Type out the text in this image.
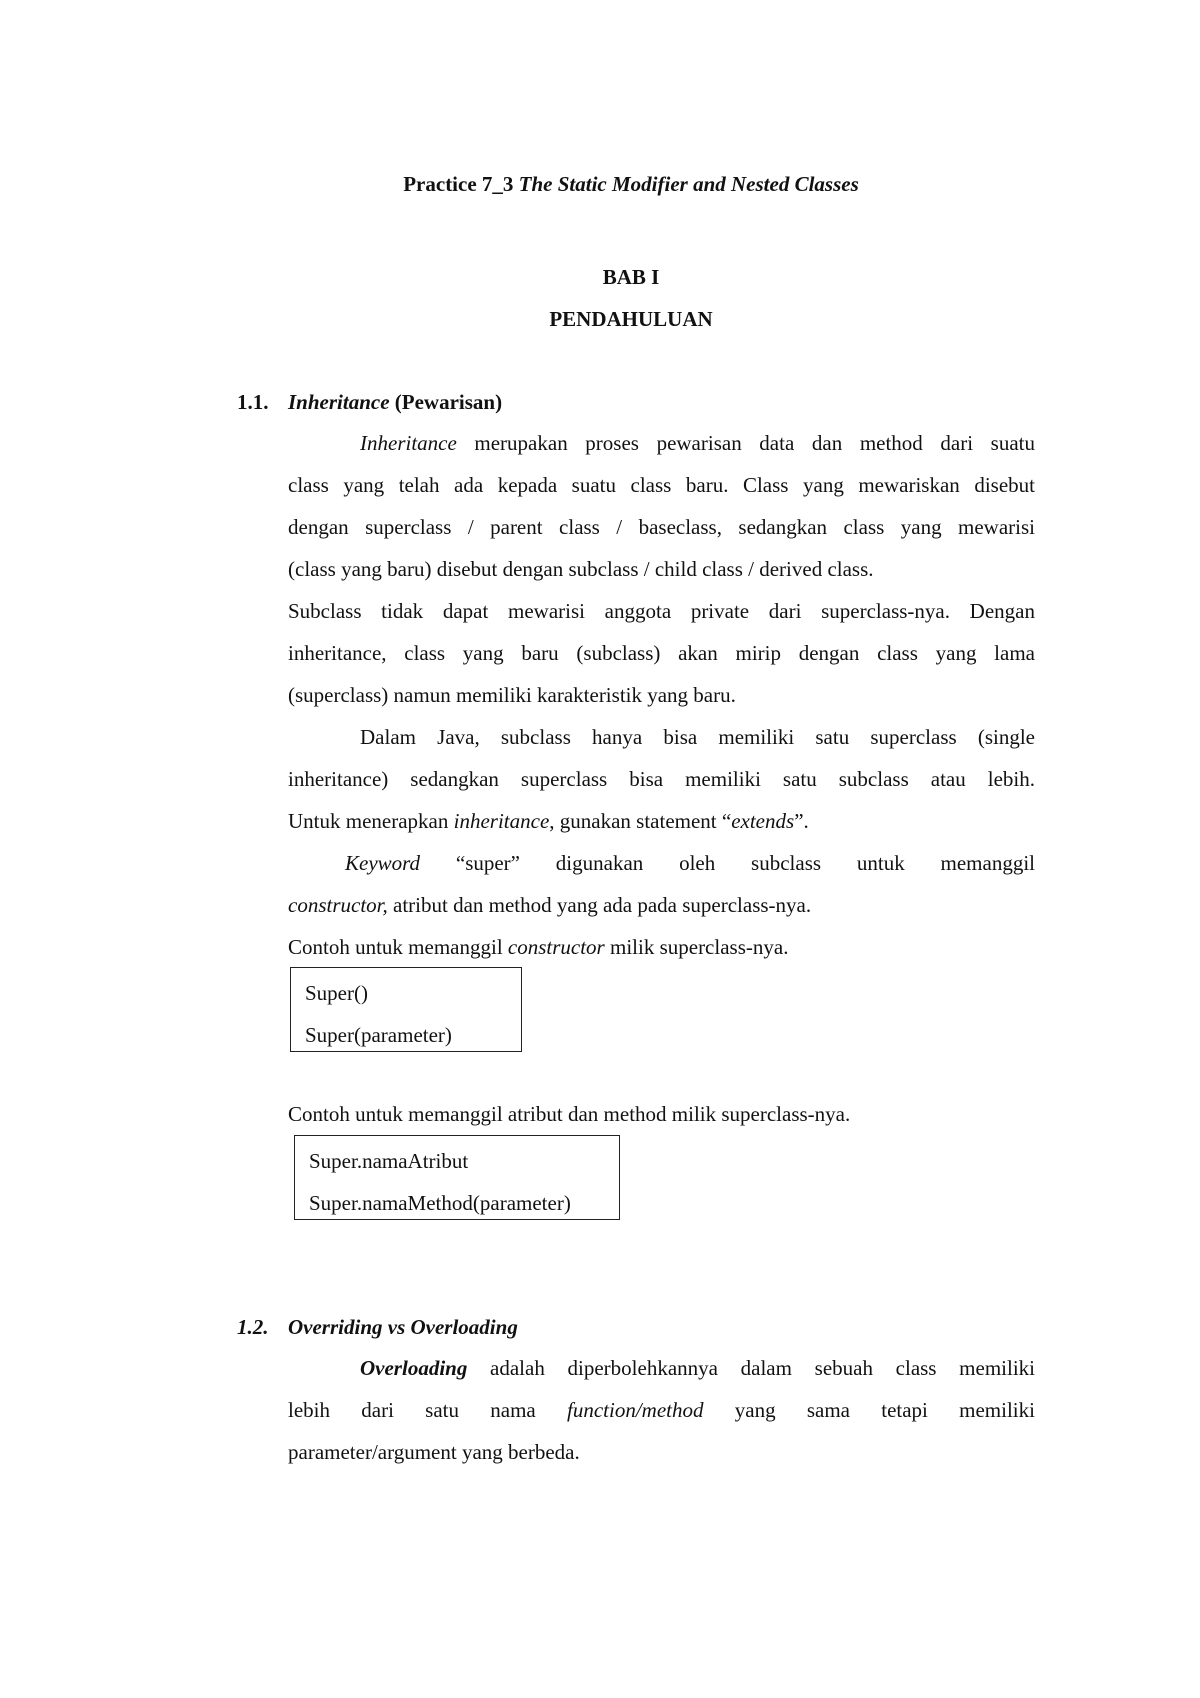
Practice 7_3 The Static Modifier and Nested Classes
BAB I
PENDAHULUAN
1.1. Inheritance (Pewarisan)
Inheritance merupakan proses pewarisan data dan method dari suatu
class yang telah ada kepada suatu class baru. Class yang mewariskan disebut
dengan superclass / parent class / baseclass, sedangkan class yang mewarisi
(class yang baru) disebut dengan subclass / child class / derived class.
Subclass tidak dapat mewarisi anggota private dari superclass-nya. Dengan
inheritance, class yang baru (subclass) akan mirip dengan class yang lama
(superclass) namun memiliki karakteristik yang baru.
Dalam Java, subclass hanya bisa memiliki satu superclass (single
inheritance) sedangkan superclass bisa memiliki satu subclass atau lebih.
Untuk menerapkan inheritance, gunakan statement “extends”.
Keyword “super” digunakan oleh subclass untuk memanggil
constructor, atribut dan method yang ada pada superclass-nya.
Contoh untuk memanggil constructor milik superclass-nya.
Super()
Super(parameter)
Contoh untuk memanggil atribut dan method milik superclass-nya.
Super.namaAtribut
Super.namaMethod(parameter)
1.2. Overriding vs Overloading
Overloading adalah diperbolehkannya dalam sebuah class memiliki
lebih dari satu nama function/method yang sama tetapi memiliki
parameter/argument yang berbeda.
